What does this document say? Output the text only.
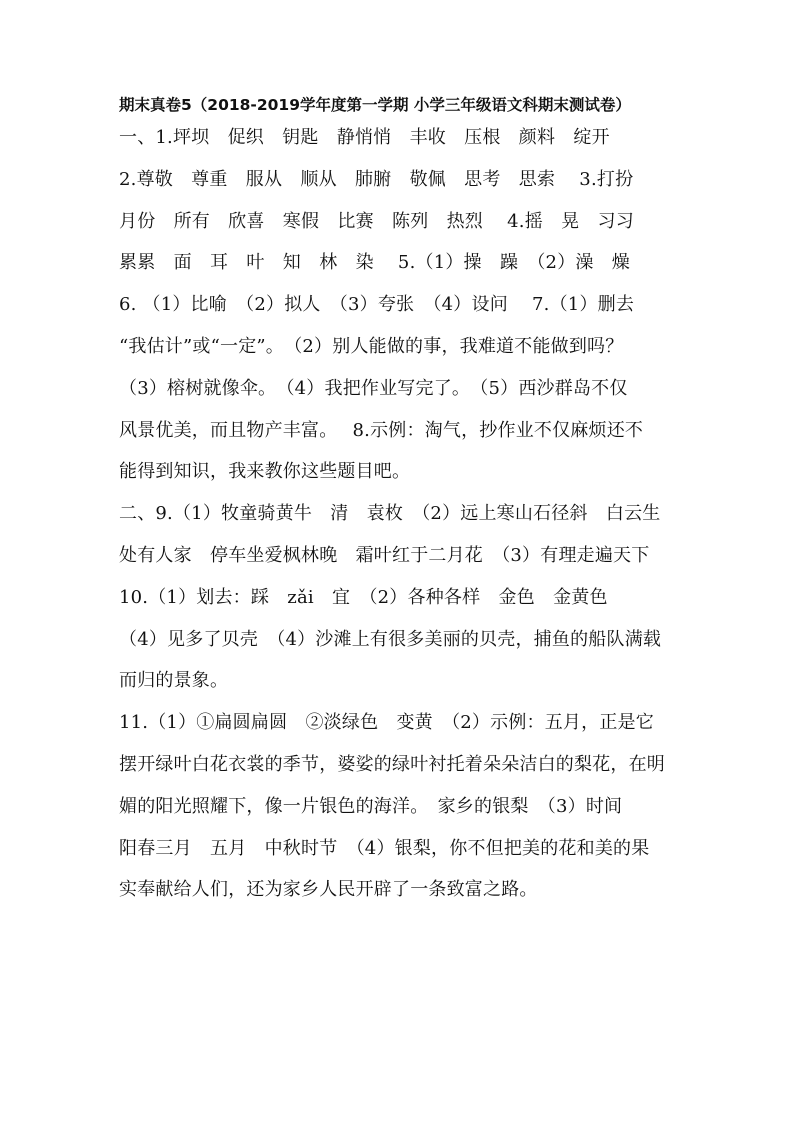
期末真卷5（2018-2019学年度第一学期 小学三年级语文科期末测试卷）
一、1.坪坝　促织　钥匙　静悄悄　丰收　压根　颜料　绽开
2.尊敬　尊重　服从　顺从　肺腑　敬佩　思考　思索　 3.打扮
月份　所有　欣喜　寒假　比赛　陈列　热烈　 4.摇　晃　习习
累累　面　耳　叶　知　林　染　 5.（1）操　躁　（2）澡　燥
6. （1）比喻　（2）拟人　（3）夸张　（4）设问　 7.（1）删去
“我估计”或“一定”。　（2）别人能做的事，我难道不能做到吗？
（3）榕树就像伞。　（4）我把作业写完了。　（5）西沙群岛不仅
风景优美，而且物产丰富。　 8.示例：淘气，抄作业不仅麻烦还不
能得到知识，我来教你这些题目吧。
二、9.（1）牧童骑黄牛　清　袁枚　（2）远上寒山石径斜　白云生
处有人家　停车坐爱枫林晚　霜叶红于二月花　（3）有理走遍天下
10.（1）划去：踩　zǎi　宜　（2）各种各样　金色　金黄色
（4）见多了贝壳　（4）沙滩上有很多美丽的贝壳，捕鱼的船队满载
而归的景象。
11.（1）①扁圆扁圆　②淡绿色　变黄　（2）示例：五月，正是它
摆开绿叶白花衣裳的季节，婆娑的绿叶衬托着朵朵洁白的梨花，在明
媚的阳光照耀下，像一片银色的海洋。　家乡的银梨　（3）时间
阳春三月　五月　中秋时节　（4）银梨，你不但把美的花和美的果
实奉献给人们，还为家乡人民开辟了一条致富之路。
